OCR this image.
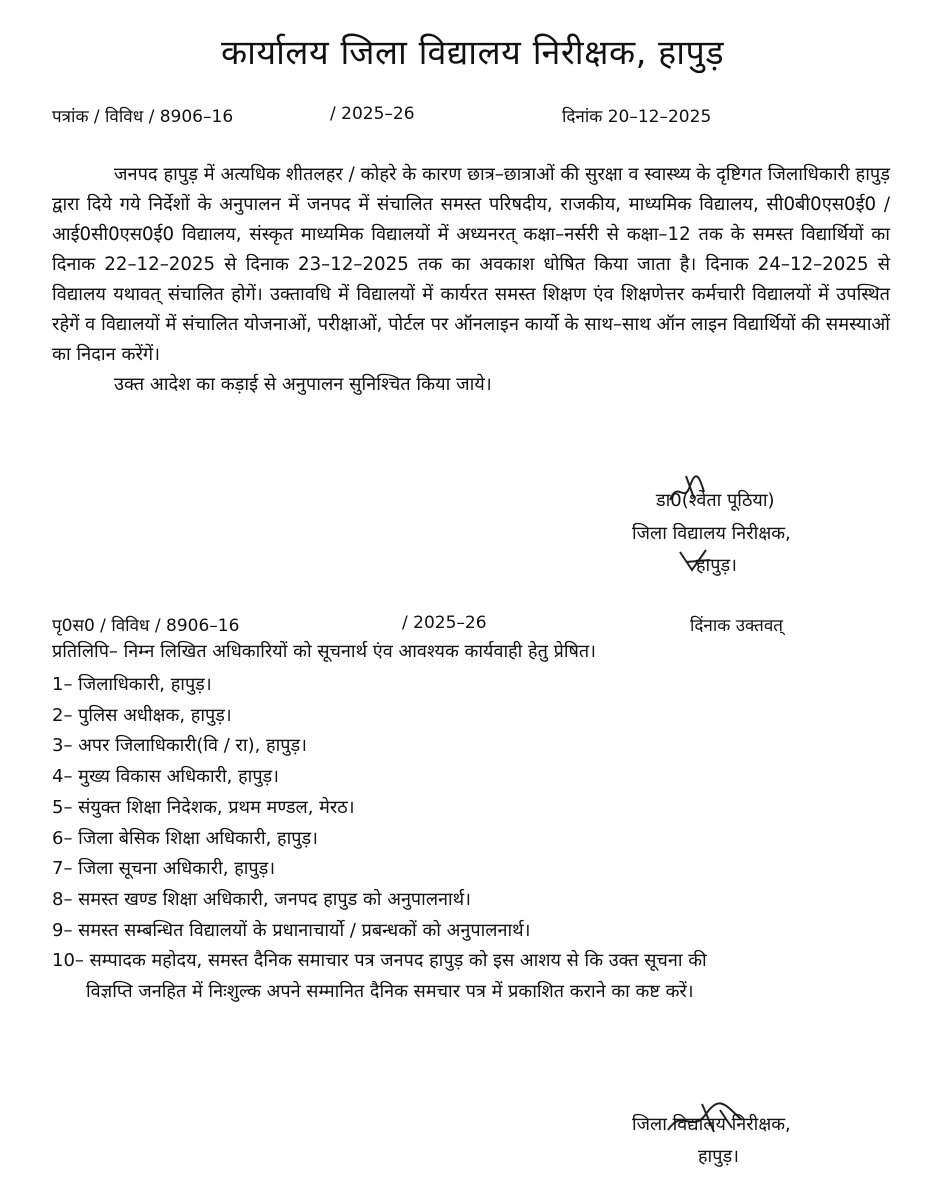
कार्यालय जिला विद्यालय निरीक्षक, हापुड़
पत्रांक / विविध / 8906–16	/ 2025–26	दिनांक 20–12–2025

जनपद हापुड़ में अत्यधिक शीतलहर / कोहरे के कारण छात्र–छात्राओं की सुरक्षा व स्वास्थ्य के दृष्टिगत जिलाधिकारी हापुड़ द्वारा दिये गये निर्देशों के अनुपालन में जनपद में संचालित समस्त परिषदीय, राजकीय, माध्यमिक विद्यालय, सी0बी0एस0ई0 / आई0सी0एस0ई0 विद्यालय, संस्कृत माध्यमिक विद्यालयों में अध्यनरत् कक्षा–नर्सरी से कक्षा–12 तक के समस्त विद्यार्थियों का दिनाक 22–12–2025 से दिनाक 23–12–2025 तक का अवकाश धोषित किया जाता है। दिनाक 24–12–2025 से विद्यालय यथावत् संचालित होगें। उक्तावधि में विद्यालयों में कार्यरत समस्त शिक्षण एंव शिक्षणेत्तर कर्मचारी विद्यालयों में उपस्थित रहेगें व विद्यालयों में संचालित योजनाओं, परीक्षाओं, पोर्टल पर ऑनलाइन कार्यो के साथ–साथ ऑन लाइन विद्यार्थियों की समस्याओं का निदान करेंगें।

उक्त आदेश का कड़ाई से अनुपालन सुनिश्चित किया जाये।

डा0(श्वेता पूठिया)
जिला विद्यालय निरीक्षक,
हापुड़।
पृ0स0 / विविध / 8906–16	/ 2025–26	दिंनाक उक्तवत्
प्रतिलिपि– निम्न लिखित अधिकारियों को सूचनार्थ एंव आवश्यक कार्यवाही हेतु प्रेषित।
1– जिलाधिकारी, हापुड़।
2– पुलिस अधीक्षक, हापुड़।
3– अपर जिलाधिकारी(वि / रा), हापुड़।
4– मुख्य विकास अधिकारी, हापुड़।
5– संयुक्त शिक्षा निदेशक, प्रथम मण्डल, मेरठ।
6– जिला बेसिक शिक्षा अधिकारी, हापुड़।
7– जिला सूचना अधिकारी, हापुड़।
8– समस्त खण्ड शिक्षा अधिकारी, जनपद हापुड को अनुपालनार्थ।
9– समस्त सम्बन्धित विद्यालयों के प्रधानाचार्यो / प्रबन्धकों को अनुपालनार्थ।
10– सम्पादक महोदय, समस्त दैनिक समाचार पत्र जनपद हापुड़ को इस आशय से कि उक्त सूचना की
विज्ञप्ति जनहित में निःशुल्क अपने सम्मानित दैनिक समचार पत्र में प्रकाशित कराने का कष्ट करें।
जिला विद्यालय निरीक्षक,
हापुड़।
